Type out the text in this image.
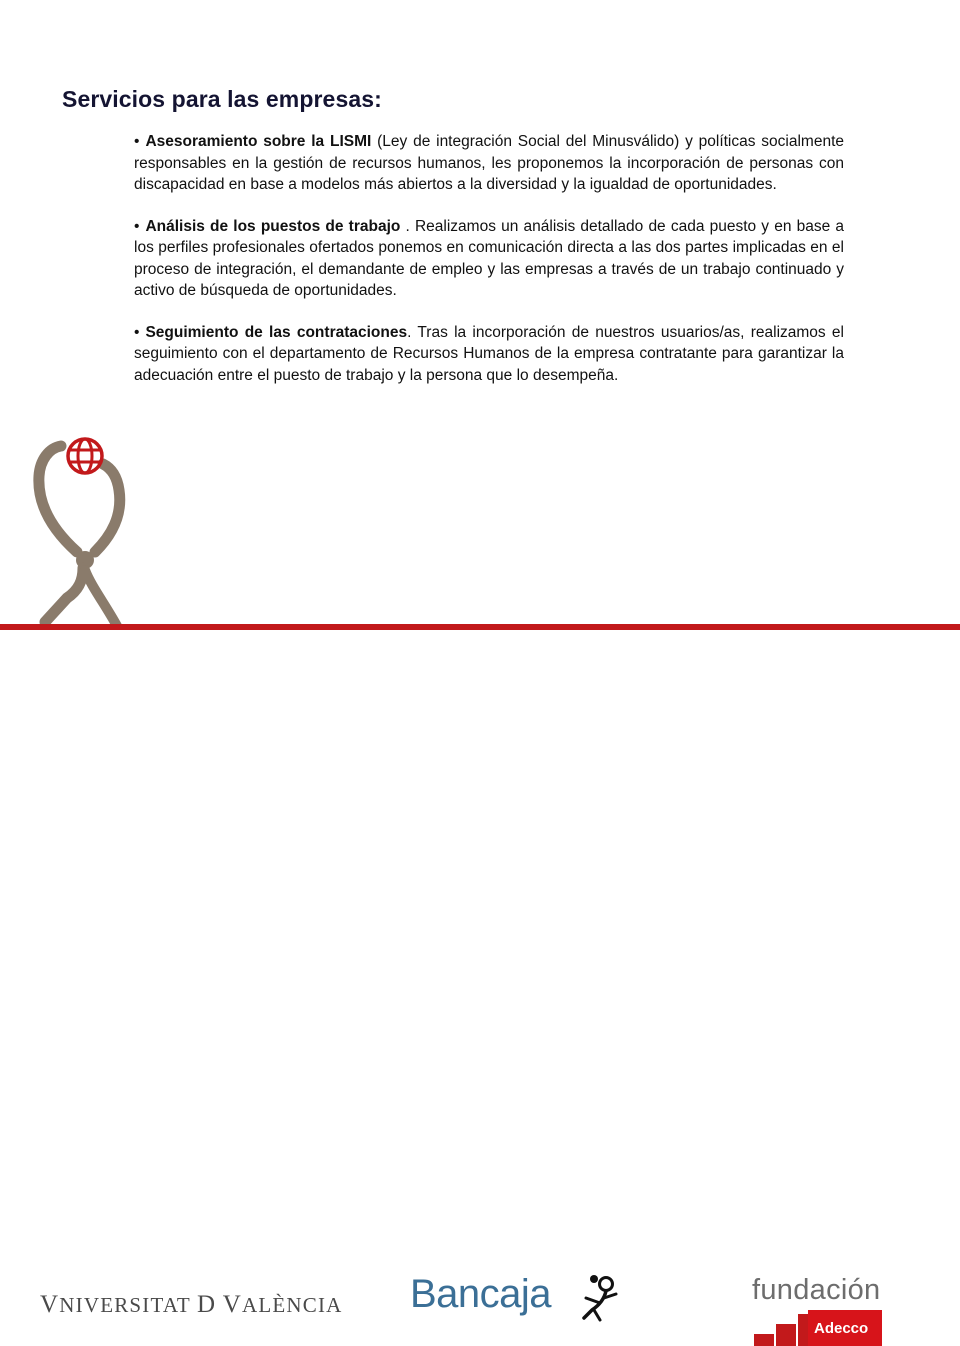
Servicios para las empresas:

• Asesoramiento sobre la LISMI (Ley de integración Social del Minusválido) y políticas socialmente responsables en la gestión de recursos humanos, les proponemos la incorporación de personas con discapacidad en base a modelos más abiertos a la diversidad y la igualdad de oportunidades.

• Análisis de los puestos de trabajo . Realizamos un análisis detallado de cada puesto y en base a los perfiles profesionales ofertados ponemos en comunicación directa a las dos partes implicadas en el proceso de integración, el demandante de empleo y las empresas a través de un trabajo continuado y activo de búsqueda de oportunidades.

• Seguimiento de las contrataciones. Tras la incorporación de nuestros usuarios/as, realizamos el seguimiento con el departamento de Recursos Humanos de la empresa contratante para garantizar la adecuación entre el puesto de trabajo y la persona que lo desempeña.

VNIVERSITAT D VALÈNCIA Bancaja	fundación
Adecco
